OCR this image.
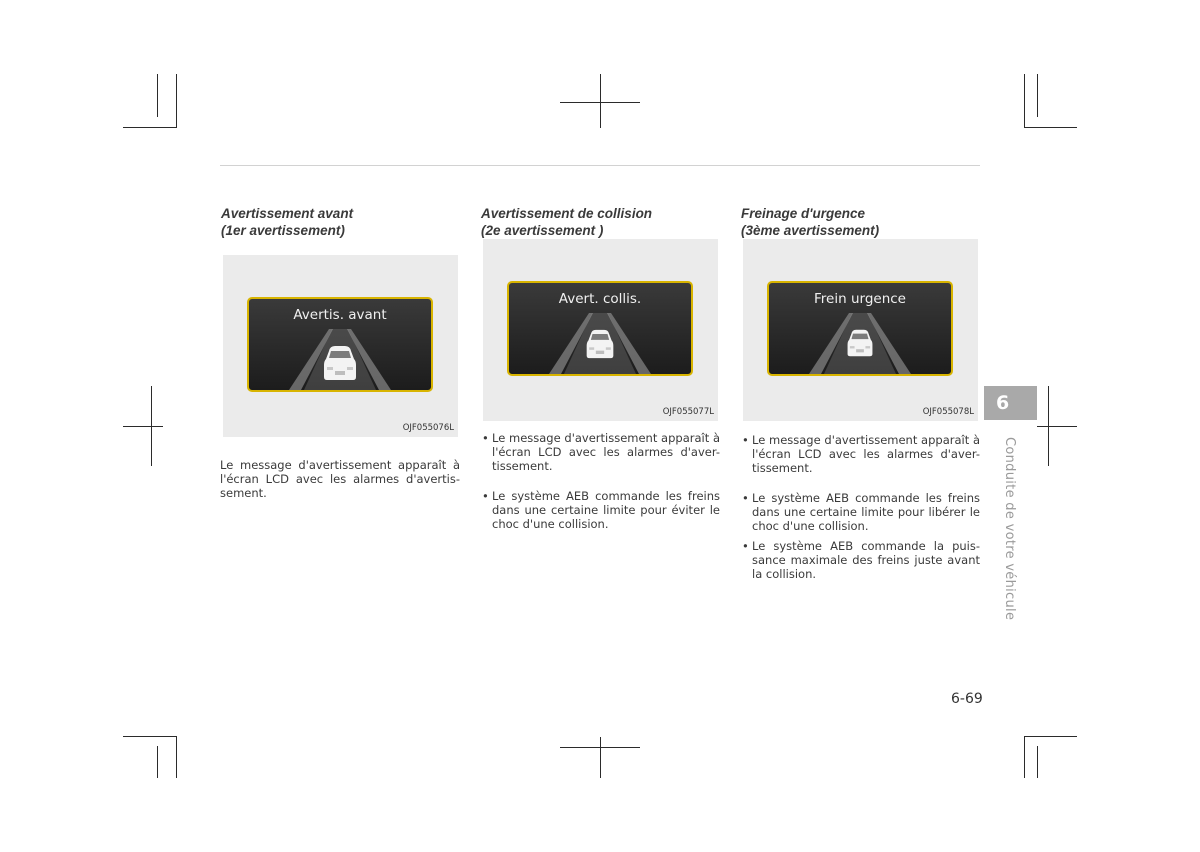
Avertissement avant
(1er avertissement)
Avertis. avant
OJF055076L
Le message d'avertissement apparaît à l'écran LCD avec les alarmes d'avertis-sement.
Avertissement de collision
(2e avertissement )
Avert. collis.
OJF055077L
• Le message d'avertissement apparaît à l'écran LCD avec les alarmes d'aver-tissement.
• Le système AEB commande les freins dans une certaine limite pour éviter le choc d'une collision.
Freinage d'urgence
(3ème avertissement)
Frein urgence
OJF055078L
• Le message d'avertissement apparaît à l'écran LCD avec les alarmes d'aver-tissement.
• Le système AEB commande les freins dans une certaine limite pour libérer le choc d'une collision.
• Le système AEB commande la puis-sance maximale des freins juste avant la collision.
6
Conduite de votre véhicule
6-69
